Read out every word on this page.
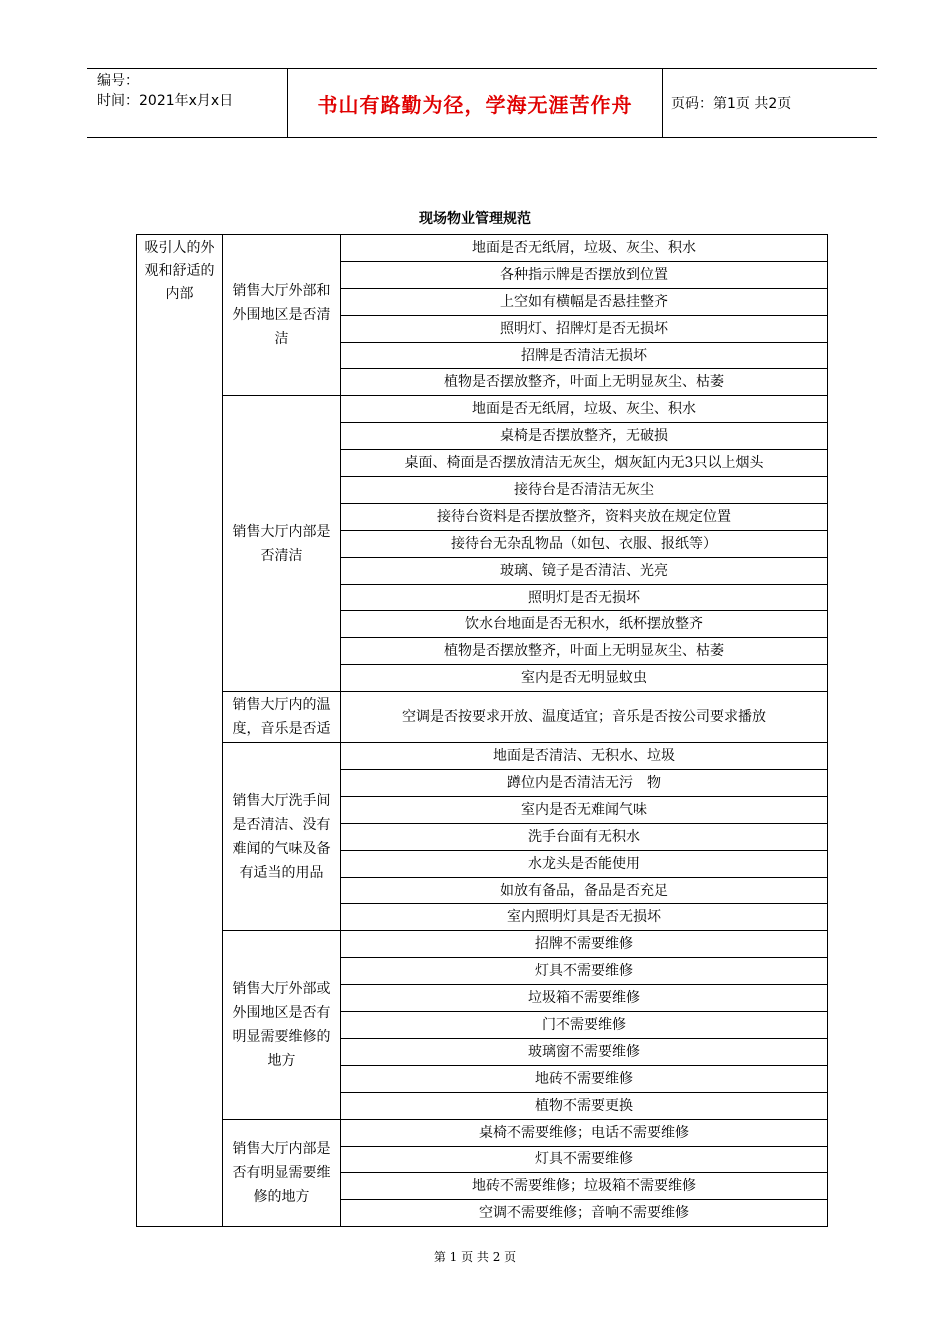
编号：
时间：2021年x月x日	书山有路勤为径，学海无涯苦作舟	页码：第1页 共2页
现场物业管理规范
吸引人的外观和舒适的内部	销售大厅外部和外围地区是否清洁	地面是否无纸屑，垃圾、灰尘、积水
		各种指示牌是否摆放到位置
		上空如有横幅是否悬挂整齐
		照明灯、招牌灯是否无损坏
		招牌是否清洁无损坏
		植物是否摆放整齐，叶面上无明显灰尘、枯萎
	销售大厅内部是否清洁	地面是否无纸屑，垃圾、灰尘、积水
		桌椅是否摆放整齐，无破损
		桌面、椅面是否摆放清洁无灰尘，烟灰缸内无3只以上烟头
		接待台是否清洁无灰尘
		接待台资料是否摆放整齐，资料夹放在规定位置
		接待台无杂乱物品（如包、衣服、报纸等）
		玻璃、镜子是否清洁、光亮
		照明灯是否无损坏
		饮水台地面是否无积水，纸杯摆放整齐
		植物是否摆放整齐，叶面上无明显灰尘、枯萎
		室内是否无明显蚊虫
	销售大厅内的温度，音乐是否适	空调是否按要求开放、温度适宜；音乐是否按公司要求播放
	销售大厅洗手间是否清洁、没有难闻的气味及备有适当的用品	地面是否清洁、无积水、垃圾
		蹲位内是否清洁无污　物
		室内是否无难闻气味
		洗手台面有无积水
		水龙头是否能使用
		如放有备品，备品是否充足
		室内照明灯具是否无损坏
	销售大厅外部或外围地区是否有明显需要维修的地方	招牌不需要维修
		灯具不需要维修
		垃圾箱不需要维修
		门不需要维修
		玻璃窗不需要维修
		地砖不需要维修
		植物不需要更换
	销售大厅内部是否有明显需要维修的地方	桌椅不需要维修；电话不需要维修
		灯具不需要维修
		地砖不需要维修；垃圾箱不需要维修
		空调不需要维修；音响不需要维修
第 1 页 共 2 页
